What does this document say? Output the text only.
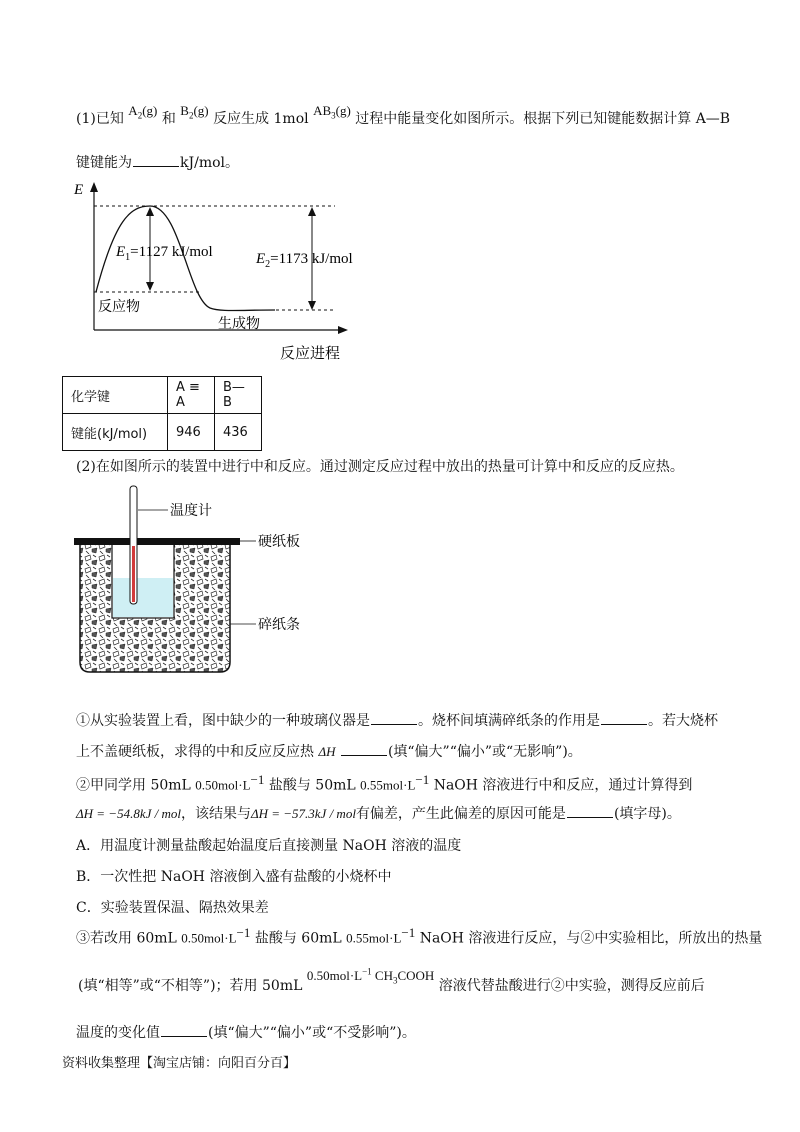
(1)已知 $A_2(g)$ 和 $B_2(g)$ 反应生成 1mol $AB_3(g)$ 过程中能量变化如图所示。根据下列已知键能数据计算 A—B
键键能为	kJ/mol。
E
$E_1=1127$ kJ/mol	$E_2=1173$ kJ/mol
反应物
生成物
反应进程
化学键	A ≡ A	B—B
键能(kJ/mol)	946	436
(2)在如图所示的装置中进行中和反应。通过测定反应过程中放出的热量可计算中和反应的反应热。
温度计
硬纸板
碎纸条
①从实验装置上看，图中缺少的一种玻璃仪器是	。烧杯间填满碎纸条的作用是	。若大烧杯
上不盖硬纸板，求得的中和反应反应热 ΔH	(填“偏大”“偏小”或“无影响”)。
②甲同学用 50mL $0.50mol\cdot L^{-1}$ 盐酸与 50mL $0.55mol\cdot L^{-1}$ NaOH 溶液进行中和反应，通过计算得到
ΔH = −54.8kJ / mol，该结果与ΔH = −57.3kJ / mol有偏差，产生此偏差的原因可能是	(填字母)。
A．用温度计测量盐酸起始温度后直接测量 NaOH 溶液的温度
B．一次性把 NaOH 溶液倒入盛有盐酸的小烧杯中
C．实验装置保温、隔热效果差
③若改用 60mL $0.50mol\cdot L^{-1}$ 盐酸与 60mL $0.55mol\cdot L^{-1}$ NaOH 溶液进行反应，与②中实验相比，所放出的热量
(填“相等”或“不相等”)；若用 50mL $0.50mol\cdot L^{-1}$ $CH_3COOH$ 溶液代替盐酸进行②中实验，测得反应前后
温度的变化值	(填“偏大”“偏小”或“不受影响”)。
资料收集整理【淘宝店铺：向阳百分百】
